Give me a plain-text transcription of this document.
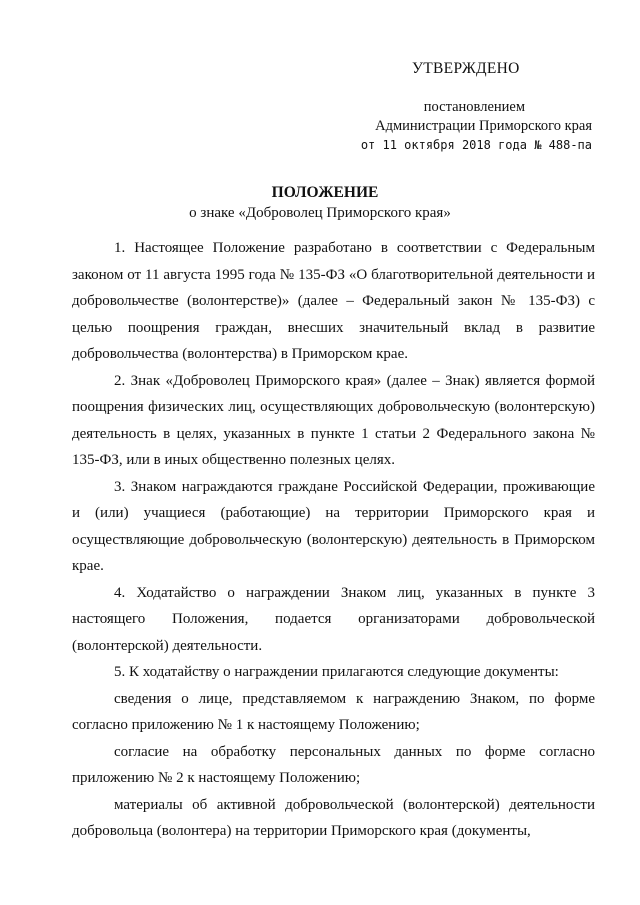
УТВЕРЖДЕНО
постановлением
Администрации Приморского края
от 11 октября 2018 года № 488-па
ПОЛОЖЕНИЕ
о знаке «Доброволец Приморского края»

1. Настоящее Положение разработано в соответствии с Федеральным законом от 11 августа 1995 года № 135-ФЗ «О благотворительной деятельности и добровольчестве (волонтерстве)» (далее – Федеральный закон № 135-ФЗ) с целью поощрения граждан, внесших значительный вклад в развитие добровольчества (волонтерства) в Приморском крае.

2. Знак «Доброволец Приморского края» (далее – Знак) является формой поощрения физических лиц, осуществляющих добровольческую (волонтерскую) деятельность в целях, указанных в пункте 1 статьи 2 Федерального закона № 135-ФЗ, или в иных общественно полезных целях.

3. Знаком награждаются граждане Российской Федерации, проживающие и (или) учащиеся (работающие) на территории Приморского края и осуществляющие добровольческую (волонтерскую) деятельность в Приморском крае.

4. Ходатайство о награждении Знаком лиц, указанных в пункте 3 настоящего Положения, подается организаторами добровольческой (волонтерской) деятельности.

5. К ходатайству о награждении прилагаются следующие документы:

сведения о лице, представляемом к награждению Знаком, по форме согласно приложению № 1 к настоящему Положению;

согласие на обработку персональных данных по форме согласно приложению № 2 к настоящему Положению;

материалы об активной добровольческой (волонтерской) деятельности добровольца (волонтера) на территории Приморского края (документы,
